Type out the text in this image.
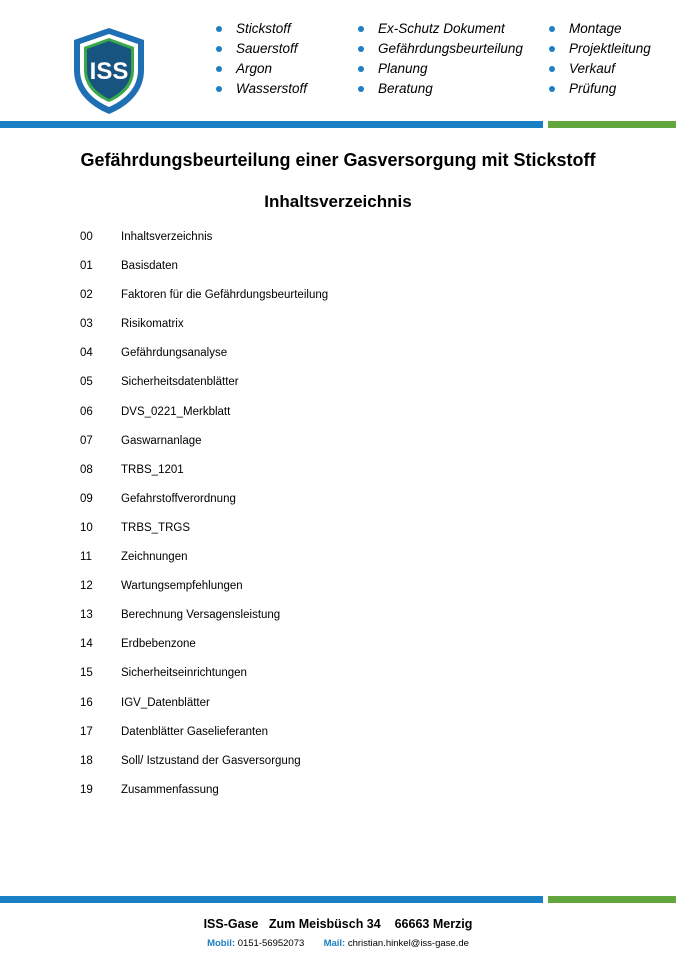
ISS
Stickstoff
Sauerstoff
Argon
Wasserstoff
Ex-Schutz Dokument
Gefährdungsbeurteilung
Planung
Beratung
Montage
Projektleitung
Verkauf
Prüfung
Gefährdungsbeurteilung einer Gasversorgung mit Stickstoff
Inhaltsverzeichnis
00	Inhaltsverzeichnis
01	Basisdaten
02	Faktoren für die Gefährdungsbeurteilung
03	Risikomatrix
04	Gefährdungsanalyse
05	Sicherheitsdatenblätter
06	DVS_0221_Merkblatt
07	Gaswarnanlage
08	TRBS_1201
09	Gefahrstoffverordnung
10	TRBS_TRGS
11	Zeichnungen
12	Wartungsempfehlungen
13	Berechnung Versagensleistung
14	Erdbebenzone
15	Sicherheitseinrichtungen
16	IGV_Datenblätter
17	Datenblätter Gaselieferanten
18	Soll/ Istzustand der Gasversorgung
19	Zusammenfassung
ISS-Gase   Zum Meisbüsch 34    66663 Merzig
Mobil: 0151-56952073 Mail: christian.hinkel@iss-gase.de
